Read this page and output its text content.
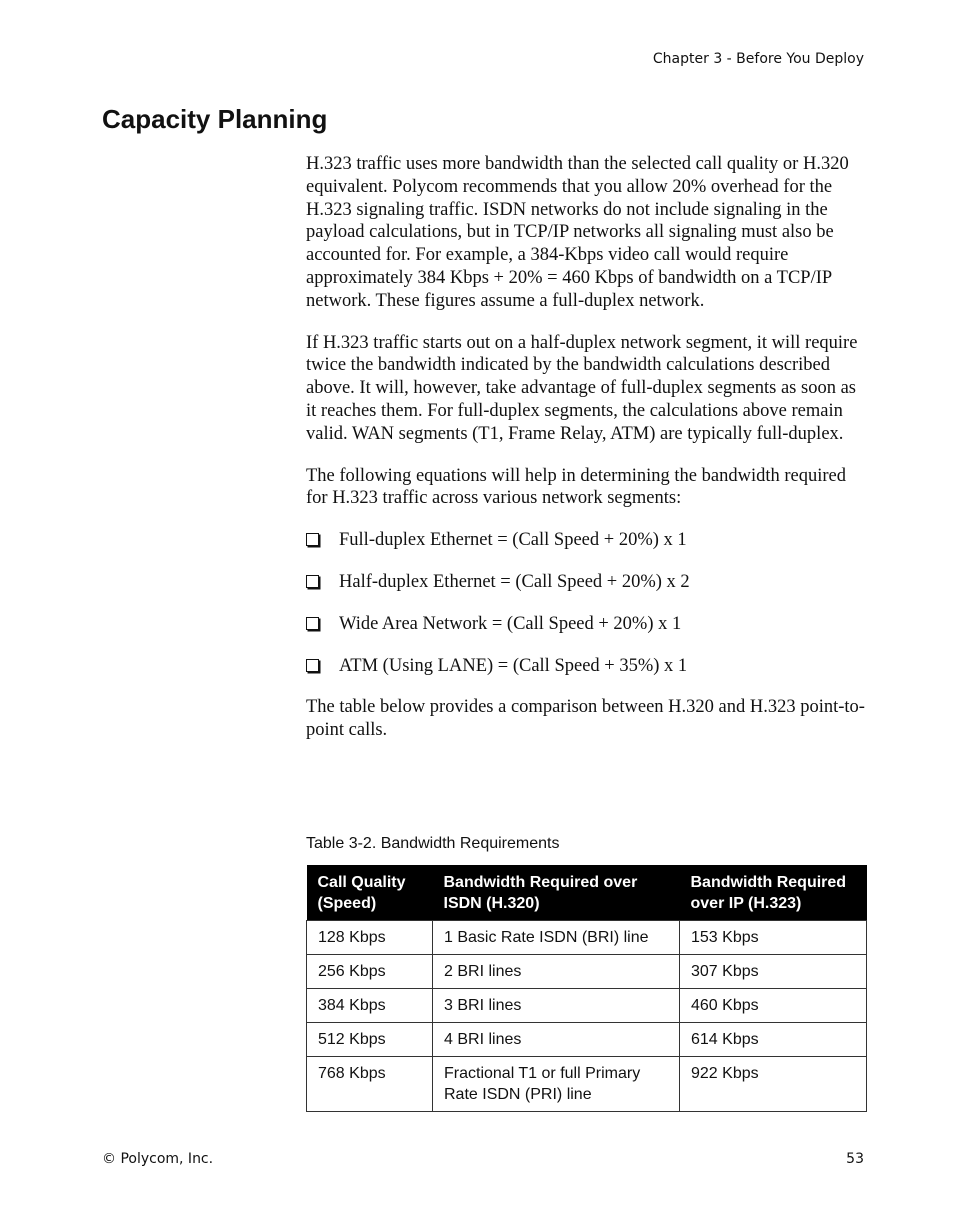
Chapter 3 - Before You Deploy
Capacity Planning

H.323 traffic uses more bandwidth than the selected call quality or H.320 equivalent. Polycom recommends that you allow 20% overhead for the H.323 signaling traffic. ISDN networks do not include signaling in the payload calculations, but in TCP/IP networks all signaling must also be accounted for. For example, a 384-Kbps video call would require approximately 384 Kbps + 20% = 460 Kbps of bandwidth on a TCP/IP network. These figures assume a full-duplex network.

If H.323 traffic starts out on a half-duplex network segment, it will require twice the bandwidth indicated by the bandwidth calculations described above. It will, however, take advantage of full-duplex segments as soon as it reaches them. For full-duplex segments, the calculations above remain valid. WAN segments (T1, Frame Relay, ATM) are typically full-duplex.

The following equations will help in determining the bandwidth required for H.323 traffic across various network segments:

Full-duplex Ethernet = (Call Speed + 20%) x 1
Half-duplex Ethernet = (Call Speed + 20%) x 2
Wide Area Network = (Call Speed + 20%) x 1
ATM (Using LANE) = (Call Speed + 35%) x 1

The table below provides a comparison between H.320 and H.323 point-to-point calls.

Table 3-2. Bandwidth Requirements
Call Quality (Speed)	Bandwidth Required over ISDN (H.320)	Bandwidth Required over IP (H.323)
128 Kbps	1 Basic Rate ISDN (BRI) line	153 Kbps
256 Kbps	2 BRI lines	307 Kbps
384 Kbps	3 BRI lines	460 Kbps
512 Kbps	4 BRI lines	614 Kbps
768 Kbps	Fractional T1 or full Primary Rate ISDN (PRI) line	922 Kbps
© Polycom, Inc.	53
